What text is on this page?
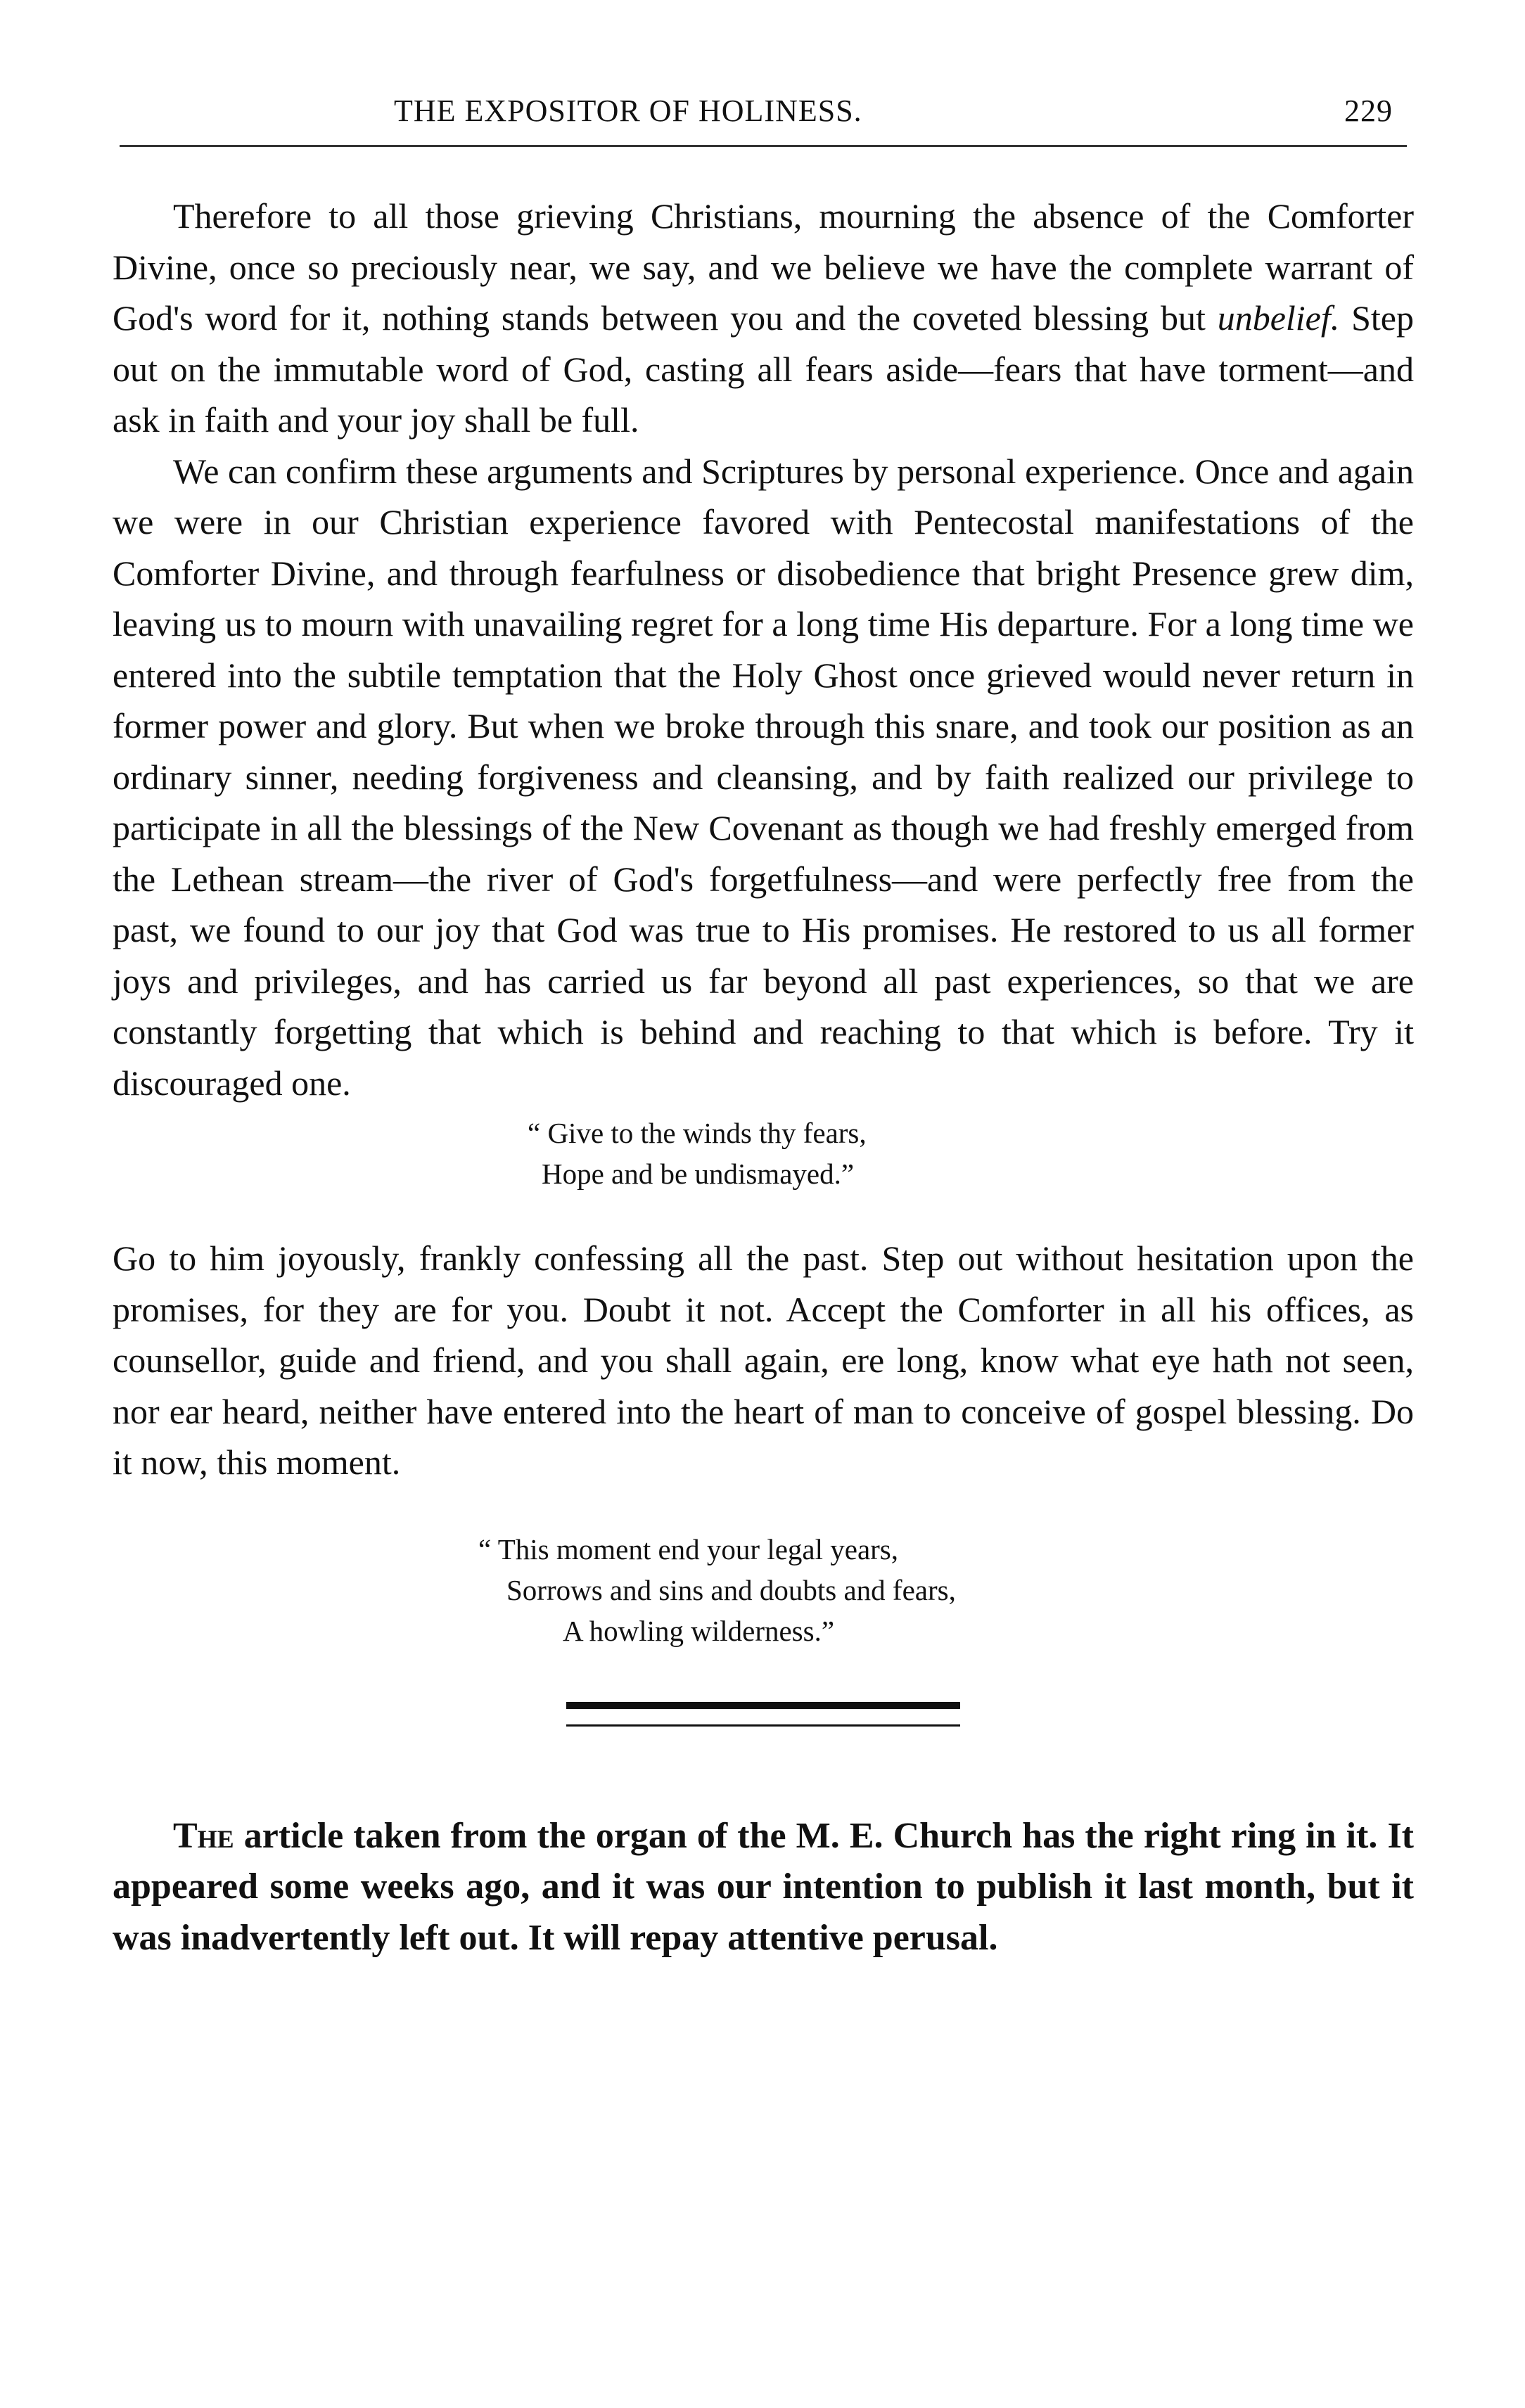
THE EXPOSITOR OF HOLINESS.	229

Therefore to all those grieving Christians, mourning the absence of the Comforter Divine, once so preciously near, we say, and we believe we have the complete warrant of God's word for it, nothing stands between you and the coveted blessing but unbelief. Step out on the immutable word of God, casting all fears aside—fears that have torment—and ask in faith and your joy shall be full.

We can confirm these arguments and Scriptures by personal experience. Once and again we were in our Christian experience favored with Pentecostal manifestations of the Comforter Divine, and through fearfulness or disobedience that bright Presence grew dim, leaving us to mourn with unavailing regret for a long time His departure. For a long time we entered into the subtile temptation that the Holy Ghost once grieved would never return in former power and glory. But when we broke through this snare, and took our position as an ordinary sinner, needing forgiveness and cleansing, and by faith realized our privilege to participate in all the blessings of the New Covenant as though we had freshly emerged from the Lethean stream—the river of God's forgetfulness—and were perfectly free from the past, we found to our joy that God was true to His promises. He restored to us all former joys and privileges, and has carried us far beyond all past experiences, so that we are constantly forgetting that which is behind and reaching to that which is before. Try it discouraged one.

“ Give to the winds thy fears,
Hope and be undismayed.”

Go to him joyously, frankly confessing all the past. Step out without hesitation upon the promises, for they are for you. Doubt it not. Accept the Comforter in all his offices, as counsellor, guide and friend, and you shall again, ere long, know what eye hath not seen, nor ear heard, neither have entered into the heart of man to conceive of gospel blessing. Do it now, this moment.

“ This moment end your legal years,
Sorrows and sins and doubts and fears,
A howling wilderness.”

The article taken from the organ of the M. E. Church has the right ring in it. It appeared some weeks ago, and it was our intention to publish it last month, but it was inadvertently left out. It will repay attentive perusal.
